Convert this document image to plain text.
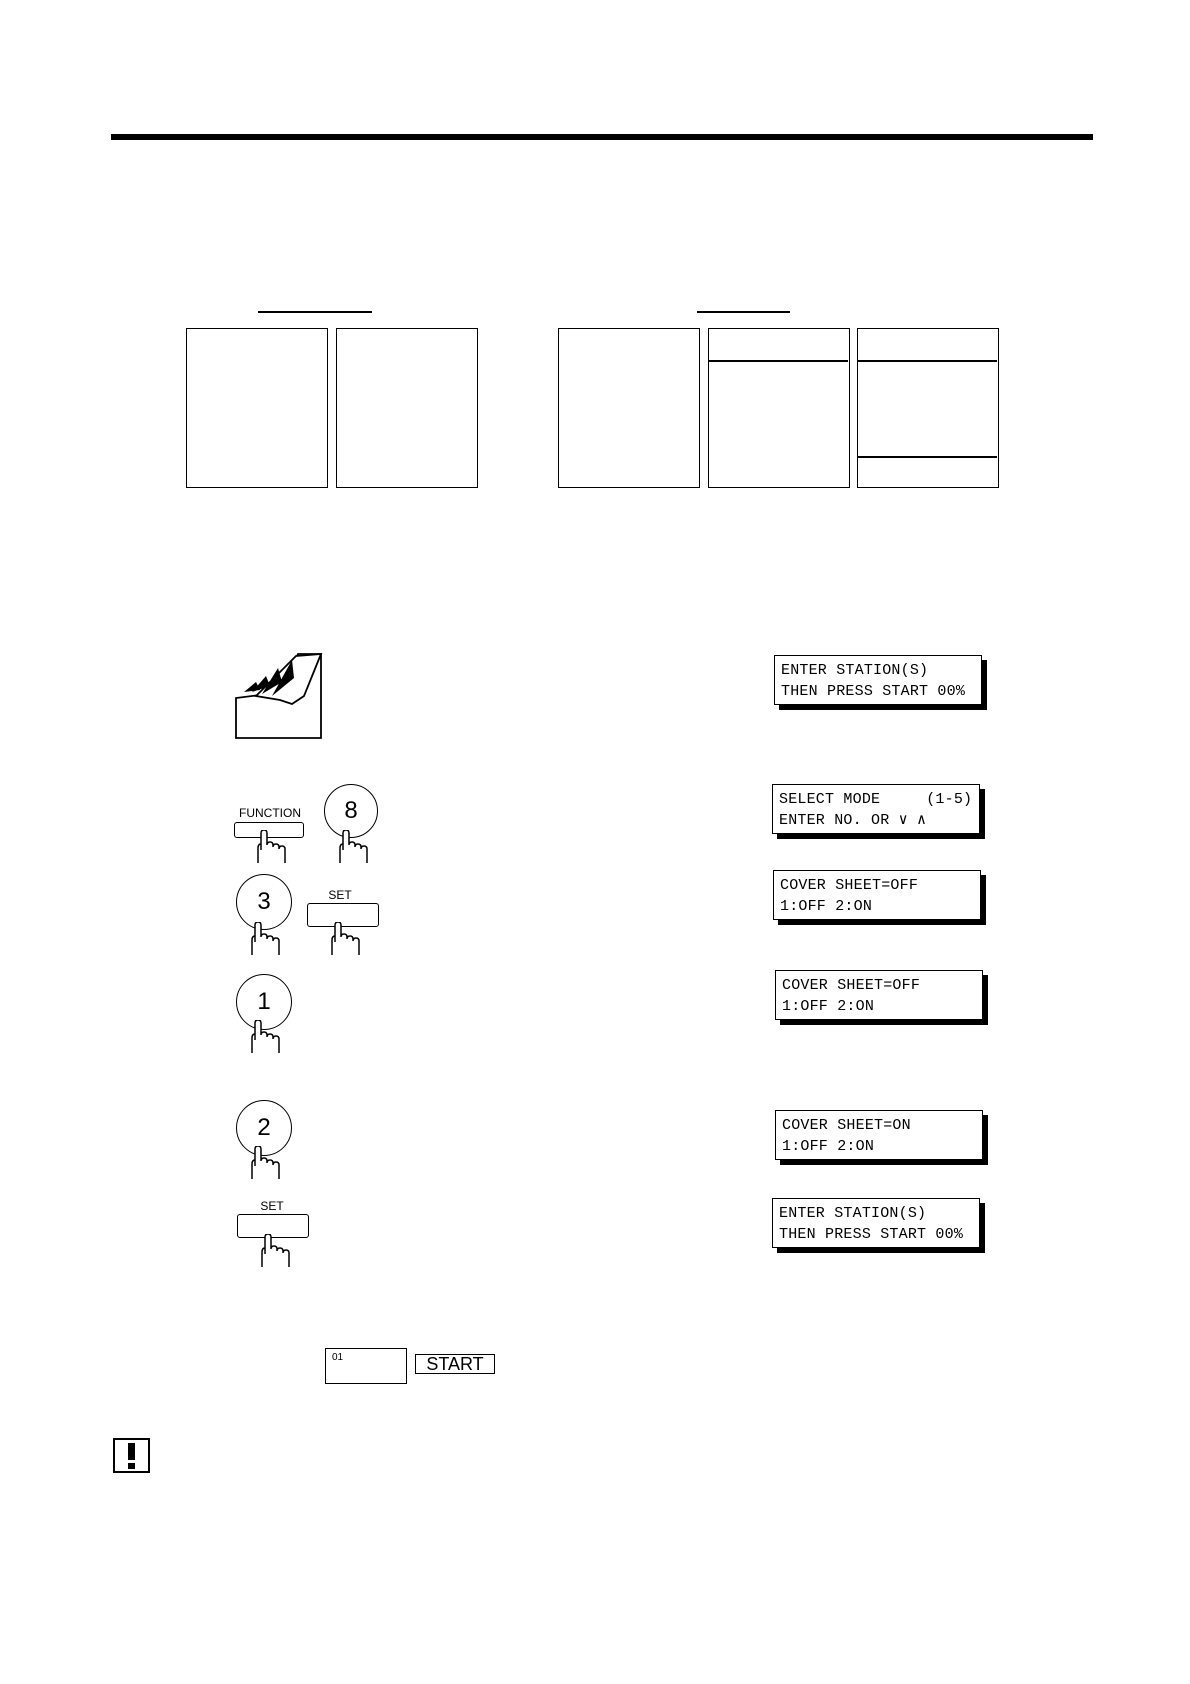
ENTER STATION(S)
THEN PRESS START 00%
FUNCTION	8	SELECT MODE     (1-5)
ENTER NO. OR ∨ ∧
3	SET
COVER SHEET=OFF
1:OFF 2:ON
1
COVER SHEET=OFF
1:OFF 2:ON
2	COVER SHEET=ON
1:OFF 2:ON
SET	ENTER STATION(S)
THEN PRESS START 00%
01	START
